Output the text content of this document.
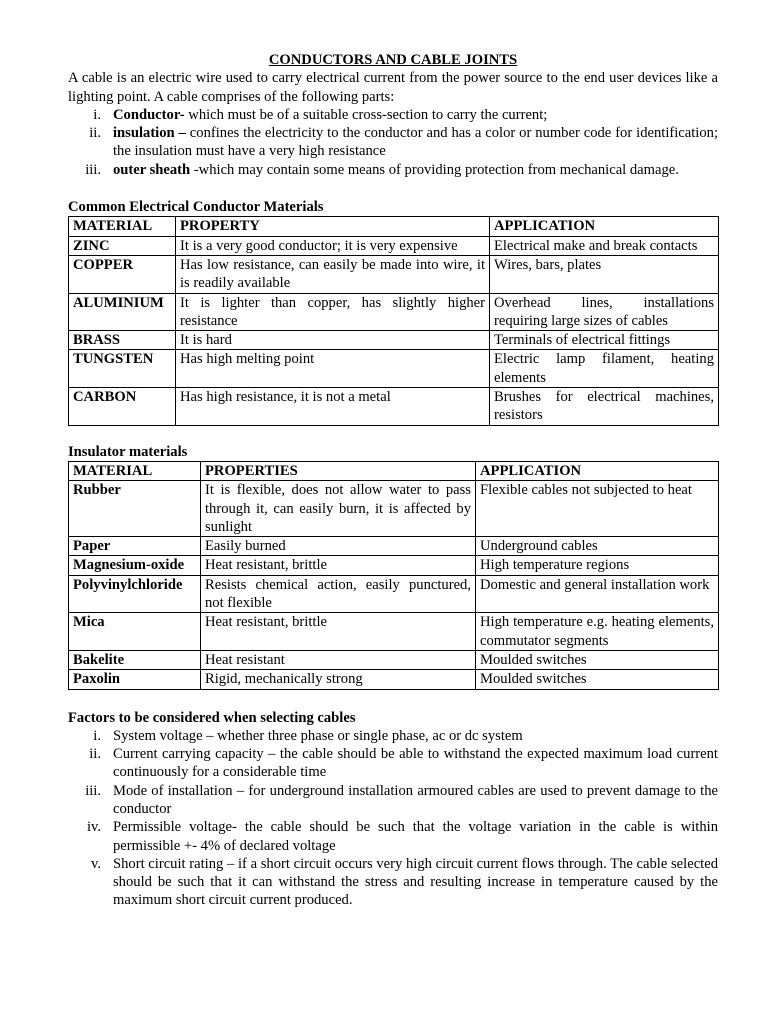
CONDUCTORS AND CABLE JOINTS

A cable is an electric wire used to carry electrical current from the power source to the end user devices like a lighting point. A cable comprises of the following parts:

i. Conductor- which must be of a suitable cross-section to carry the current;
ii. insulation – confines the electricity to the conductor and has a color or number code for identification; the insulation must have a very high resistance
iii. outer sheath -which may contain some means of providing protection from mechanical damage.
Common Electrical Conductor Materials
MATERIAL	PROPERTY	APPLICATION
ZINC	It is a very good conductor; it is very expensive	Electrical make and break contacts
COPPER	Has low resistance, can easily be made into wire, it is readily available	Wires, bars, plates
ALUMINIUM	It is lighter than copper, has slightly higher resistance	Overhead lines, installations requiring large sizes of cables
BRASS	It is hard	Terminals of electrical fittings
TUNGSTEN	Has high melting point	Electric lamp filament, heating elements
CARBON	Has high resistance, it is not a metal	Brushes for electrical machines, resistors
Insulator materials
MATERIAL	PROPERTIES	APPLICATION
Rubber	It is flexible, does not allow water to pass through it, can easily burn, it is affected by sunlight	Flexible cables not subjected to heat
Paper	Easily burned	Underground cables
Magnesium-oxide	Heat resistant, brittle	High temperature regions
Polyvinylchloride	Resists chemical action, easily punctured, not flexible	Domestic and general installation work
Mica	Heat resistant, brittle	High temperature e.g. heating elements, commutator segments
Bakelite	Heat resistant	Moulded switches
Paxolin	Rigid, mechanically strong	Moulded switches
Factors to be considered when selecting cables
i. System voltage – whether three phase or single phase, ac or dc system
ii. Current carrying capacity – the cable should be able to withstand the expected maximum load current continuously for a considerable time
iii. Mode of installation – for underground installation armoured cables are used to prevent damage to the conductor
iv. Permissible voltage- the cable should be such that the voltage variation in the cable is within permissible +- 4% of declared voltage
v. Short circuit rating – if a short circuit occurs very high circuit current flows through. The cable selected should be such that it can withstand the stress and resulting increase in temperature caused by the maximum short circuit current produced.
